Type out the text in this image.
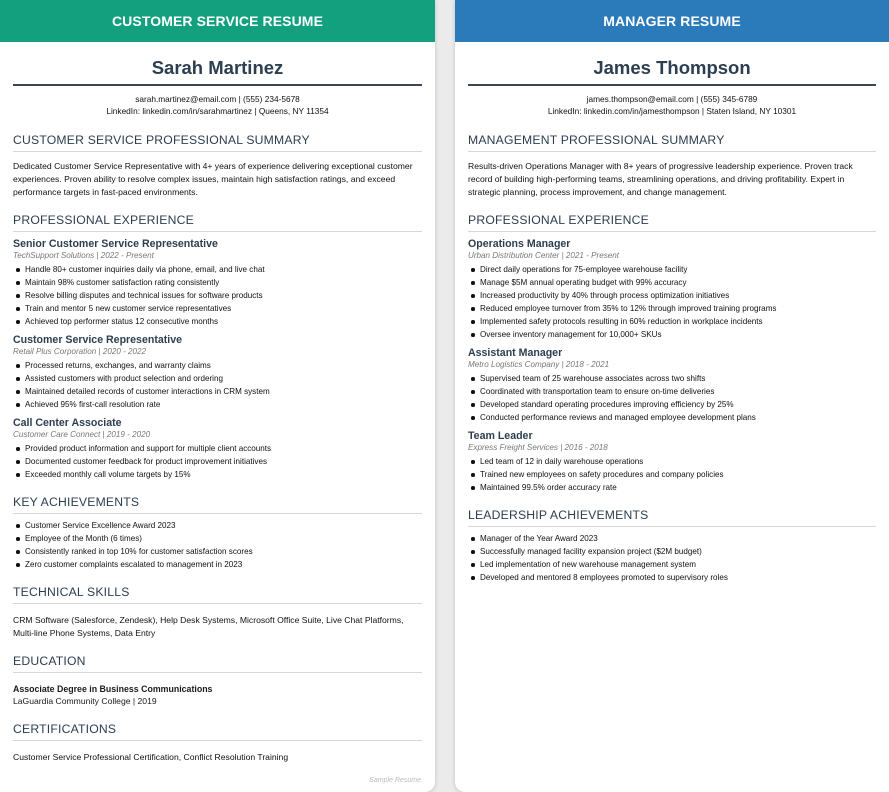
CUSTOMER SERVICE RESUME
Sarah Martinez
sarah.martinez@email.com | (555) 234-5678
LinkedIn: linkedin.com/in/sarahmartinez | Queens, NY 11354
CUSTOMER SERVICE PROFESSIONAL SUMMARY
Dedicated Customer Service Representative with 4+ years of experience delivering exceptional customer experiences. Proven ability to resolve complex issues, maintain high satisfaction ratings, and exceed performance targets in fast-paced environments.
PROFESSIONAL EXPERIENCE
Senior Customer Service Representative
TechSupport Solutions | 2022 - Present
Handle 80+ customer inquiries daily via phone, email, and live chat
Maintain 98% customer satisfaction rating consistently
Resolve billing disputes and technical issues for software products
Train and mentor 5 new customer service representatives
Achieved top performer status 12 consecutive months
Customer Service Representative
Retail Plus Corporation | 2020 - 2022
Processed returns, exchanges, and warranty claims
Assisted customers with product selection and ordering
Maintained detailed records of customer interactions in CRM system
Achieved 95% first-call resolution rate
Call Center Associate
Customer Care Connect | 2019 - 2020
Provided product information and support for multiple client accounts
Documented customer feedback for product improvement initiatives
Exceeded monthly call volume targets by 15%
KEY ACHIEVEMENTS
Customer Service Excellence Award 2023
Employee of the Month (6 times)
Consistently ranked in top 10% for customer satisfaction scores
Zero customer complaints escalated to management in 2023
TECHNICAL SKILLS
CRM Software (Salesforce, Zendesk), Help Desk Systems, Microsoft Office Suite, Live Chat Platforms, Multi-line Phone Systems, Data Entry
EDUCATION
Associate Degree in Business Communications
LaGuardia Community College | 2019
CERTIFICATIONS
Customer Service Professional Certification, Conflict Resolution Training
Sample Resume
MANAGER RESUME
James Thompson
james.thompson@email.com | (555) 345-6789
LinkedIn: linkedin.com/in/jamesthompson | Staten Island, NY 10301
MANAGEMENT PROFESSIONAL SUMMARY
Results-driven Operations Manager with 8+ years of progressive leadership experience. Proven track record of building high-performing teams, streamlining operations, and driving profitability. Expert in strategic planning, process improvement, and change management.
PROFESSIONAL EXPERIENCE
Operations Manager
Urban Distribution Center | 2021 - Present
Direct daily operations for 75-employee warehouse facility
Manage $5M annual operating budget with 99% accuracy
Increased productivity by 40% through process optimization initiatives
Reduced employee turnover from 35% to 12% through improved training programs
Implemented safety protocols resulting in 60% reduction in workplace incidents
Oversee inventory management for 10,000+ SKUs
Assistant Manager
Metro Logistics Company | 2018 - 2021
Supervised team of 25 warehouse associates across two shifts
Coordinated with transportation team to ensure on-time deliveries
Developed standard operating procedures improving efficiency by 25%
Conducted performance reviews and managed employee development plans
Team Leader
Express Freight Services | 2016 - 2018
Led team of 12 in daily warehouse operations
Trained new employees on safety procedures and company policies
Maintained 99.5% order accuracy rate
LEADERSHIP ACHIEVEMENTS
Manager of the Year Award 2023
Successfully managed facility expansion project ($2M budget)
Led implementation of new warehouse management system
Developed and mentored 8 employees promoted to supervisory roles
